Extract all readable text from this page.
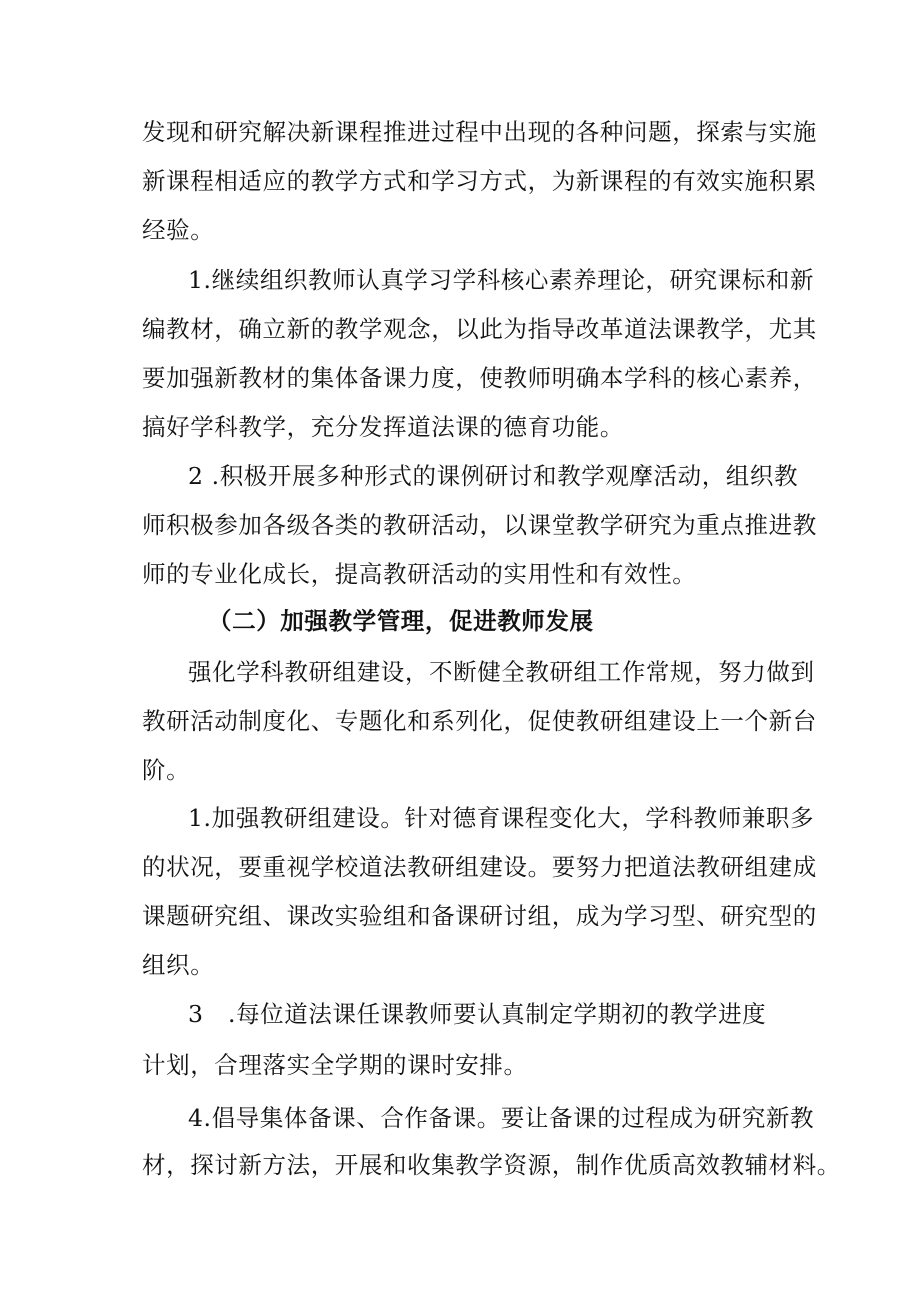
发现和研究解决新课程推进过程中出现的各种问题，探索与实施
新课程相适应的教学方式和学习方式，为新课程的有效实施积累
经验。
1.继续组织教师认真学习学科核心素养理论，研究课标和新
编教材，确立新的教学观念，以此为指导改革道法课教学，尤其
要加强新教材的集体备课力度，使教师明确本学科的核心素养，
搞好学科教学，充分发挥道法课的德育功能。
2 .积极开展多种形式的课例研讨和教学观摩活动，组织教
师积极参加各级各类的教研活动，以课堂教学研究为重点推进教
师的专业化成长，提高教研活动的实用性和有效性。
（二）加强教学管理，促进教师发展
强化学科教研组建设，不断健全教研组工作常规，努力做到
教研活动制度化、专题化和系列化，促使教研组建设上一个新台
阶。
1.加强教研组建设。针对德育课程变化大，学科教师兼职多
的状况，要重视学校道法教研组建设。要努力把道法教研组建成
课题研究组、课改实验组和备课研讨组，成为学习型、研究型的
组织。
3 .每位道法课任课教师要认真制定学期初的教学进度
计划，合理落实全学期的课时安排。
4.倡导集体备课、合作备课。要让备课的过程成为研究新教
材，探讨新方法，开展和收集教学资源，制作优质高效教辅材料。
